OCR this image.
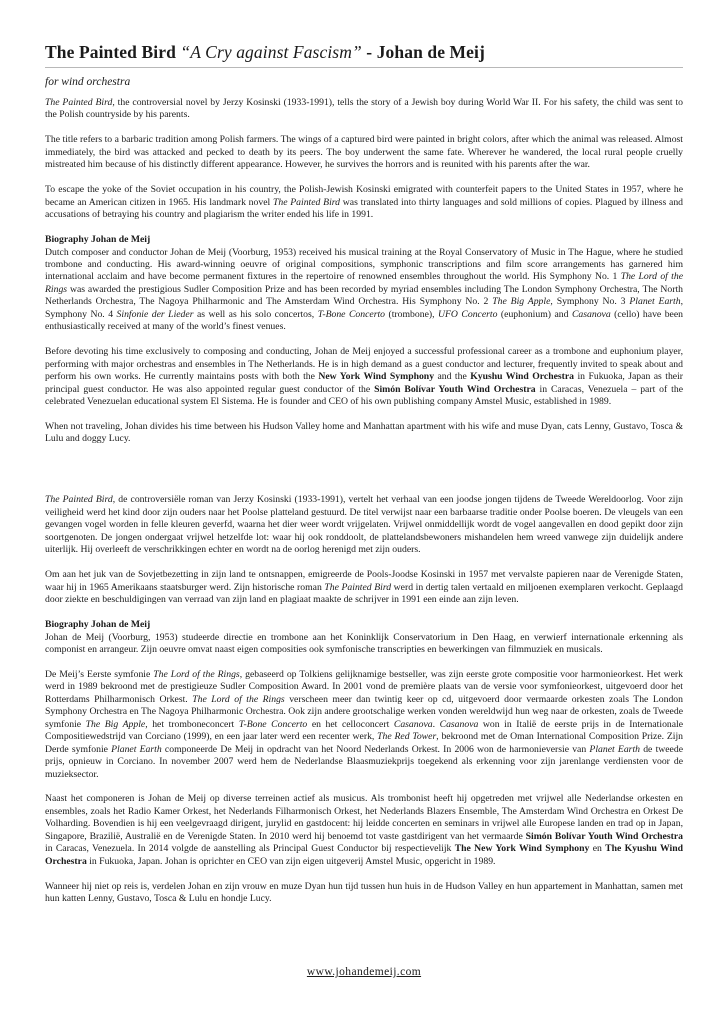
The Painted Bird “A Cry against Fascism” - Johan de Meij
for wind orchestra
The Painted Bird, the controversial novel by Jerzy Kosinski (1933-1991), tells the story of a Jewish boy during World War II. For his safety, the child was sent to the Polish countryside by his parents.
The title refers to a barbaric tradition among Polish farmers. The wings of a captured bird were painted in bright colors, after which the animal was released. Almost immediately, the bird was attacked and pecked to death by its peers. The boy underwent the same fate. Wherever he wandered, the local rural people cruelly mistreated him because of his distinctly different appearance. However, he survives the horrors and is reunited with his parents after the war.
To escape the yoke of the Soviet occupation in his country, the Polish-Jewish Kosinski emigrated with counterfeit papers to the United States in 1957, where he became an American citizen in 1965. His landmark novel The Painted Bird was translated into thirty languages and sold millions of copies. Plagued by illness and accusations of betraying his country and plagiarism the writer ended his life in 1991.
Biography Johan de Meij
Dutch composer and conductor Johan de Meij (Voorburg, 1953) received his musical training at the Royal Conservatory of Music in The Hague, where he studied trombone and conducting. His award-winning oeuvre of original compositions, symphonic transcriptions and film score arrangements has garnered him international acclaim and have become permanent fixtures in the repertoire of renowned ensembles throughout the world. His Symphony No. 1 The Lord of the Rings was awarded the prestigious Sudler Composition Prize and has been recorded by myriad ensembles including The London Symphony Orchestra, The North Netherlands Orchestra, The Nagoya Philharmonic and The Amsterdam Wind Orchestra. His Symphony No. 2 The Big Apple, Symphony No. 3 Planet Earth, Symphony No. 4 Sinfonie der Lieder as well as his solo concertos, T-Bone Concerto (trombone), UFO Concerto (euphonium) and Casanova (cello) have been enthusiastically received at many of the world’s finest venues.
Before devoting his time exclusively to composing and conducting, Johan de Meij enjoyed a successful professional career as a trombone and euphonium player, performing with major orchestras and ensembles in The Netherlands. He is in high demand as a guest conductor and lecturer, frequently invited to speak about and perform his own works. He currently maintains posts with both the New York Wind Symphony and the Kyushu Wind Orchestra in Fukuoka, Japan as their principal guest conductor. He was also appointed regular guest conductor of the Simón Bolívar Youth Wind Orchestra in Caracas, Venezuela – part of the celebrated Venezuelan educational system El Sistema. He is founder and CEO of his own publishing company Amstel Music, established in 1989.
When not traveling, Johan divides his time between his Hudson Valley home and Manhattan apartment with his wife and muse Dyan, cats Lenny, Gustavo, Tosca & Lulu and doggy Lucy.
The Painted Bird, de controversiële roman van Jerzy Kosinski (1933-1991), vertelt het verhaal van een joodse jongen tijdens de Tweede Wereldoorlog. Voor zijn veiligheid werd het kind door zijn ouders naar het Poolse platteland gestuurd. De titel verwijst naar een barbaarse traditie onder Poolse boeren. De vleugels van een gevangen vogel worden in felle kleuren geverfd, waarna het dier weer wordt vrijgelaten. Vrijwel onmiddellijk wordt de vogel aangevallen en dood gepikt door zijn soortgenoten. De jongen ondergaat vrijwel hetzelfde lot: waar hij ook ronddoolt, de plattelandsbewoners mishandelen hem wreed vanwege zijn duidelijk andere uiterlijk. Hij overleeft de verschrikkingen echter en wordt na de oorlog herenigd met zijn ouders.
Om aan het juk van de Sovjetbezetting in zijn land te ontsnappen, emigreerde de Pools-Joodse Kosinski in 1957 met vervalste papieren naar de Verenigde Staten, waar hij in 1965 Amerikaans staatsburger werd. Zijn historische roman The Painted Bird werd in dertig talen vertaald en miljoenen exemplaren verkocht. Geplaagd door ziekte en beschuldigingen van verraad van zijn land en plagiaat maakte de schrijver in 1991 een einde aan zijn leven.
Biography Johan de Meij
Johan de Meij (Voorburg, 1953) studeerde directie en trombone aan het Koninklijk Conservatorium in Den Haag, en verwierf internationale erkenning als componist en arrangeur. Zijn oeuvre omvat naast eigen composities ook symfonische transcripties en bewerkingen van filmmuziek en musicals.
De Meij’s Eerste symfonie The Lord of the Rings, gebaseerd op Tolkiens gelijknamige bestseller, was zijn eerste grote compositie voor harmonieorkest. Het werk werd in 1989 bekroond met de prestigieuze Sudler Composition Award. In 2001 vond de première plaats van de versie voor symfonieorkest, uitgevoerd door het Rotterdams Philharmonisch Orkest. The Lord of the Rings verscheen meer dan twintig keer op cd, uitgevoerd door vermaarde orkesten zoals The London Symphony Orchestra en The Nagoya Philharmonic Orchestra. Ook zijn andere grootschalige werken vonden wereldwijd hun weg naar de orkesten, zoals de Tweede symfonie The Big Apple, het tromboneconcert T-Bone Concerto en het celloconcert Casanova. Casanova won in Italië de eerste prijs in de Internationale Compositiewedstrijd van Corciano (1999), en een jaar later werd een recenter werk, The Red Tower, bekroond met de Oman International Composition Prize. Zijn Derde symfonie Planet Earth componeerde De Meij in opdracht van het Noord Nederlands Orkest. In 2006 won de harmonieversie van Planet Earth de tweede prijs, opnieuw in Corciano. In november 2007 werd hem de Nederlandse Blaasmuziekprijs toegekend als erkenning voor zijn jarenlange verdiensten voor de muzieksector.
Naast het componeren is Johan de Meij op diverse terreinen actief als musicus. Als trombonist heeft hij opgetreden met vrijwel alle Nederlandse orkesten en ensembles, zoals het Radio Kamer Orkest, het Nederlands Filharmonisch Orkest, het Nederlands Blazers Ensemble, The Amsterdam Wind Orchestra en Orkest De Volharding. Bovendien is hij een veelgevraagd dirigent, jurylid en gastdocent: hij leidde concerten en seminars in vrijwel alle Europese landen en trad op in Japan, Singapore, Brazilië, Australië en de Verenigde Staten. In 2010 werd hij benoemd tot vaste gastdirigent van het vermaarde Simón Bolívar Youth Wind Orchestra in Caracas, Venezuela. In 2014 volgde de aanstelling als Principal Guest Conductor bij respectievelijk The New York Wind Symphony en The Kyushu Wind Orchestra in Fukuoka, Japan. Johan is oprichter en CEO van zijn eigen uitgeverij Amstel Music, opgericht in 1989.
Wanneer hij niet op reis is, verdelen Johan en zijn vrouw en muze Dyan hun tijd tussen hun huis in de Hudson Valley en hun appartement in Manhattan, samen met hun katten Lenny, Gustavo, Tosca & Lulu en hondje Lucy.
www.johandemeij.com
